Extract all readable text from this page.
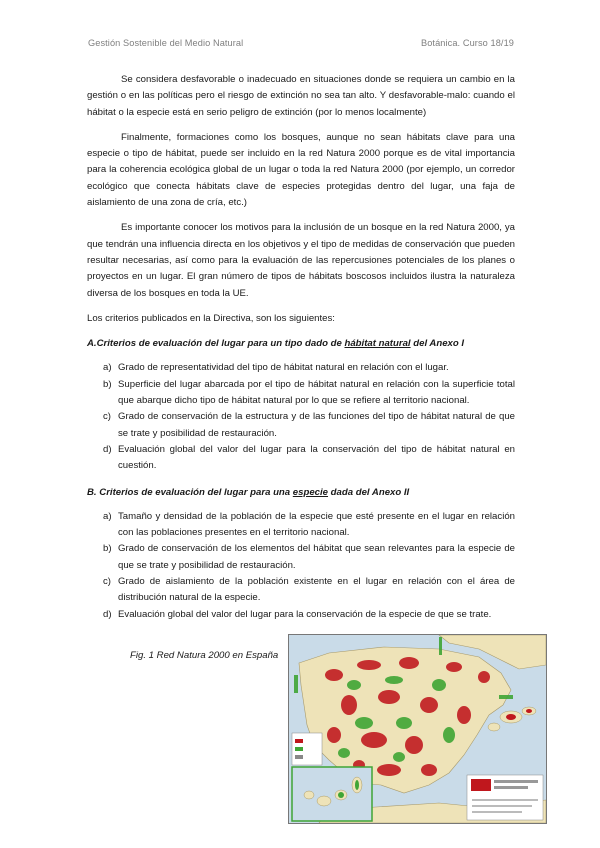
Gestión Sostenible del Medio Natural	Botánica. Curso 18/19

Se considera desfavorable o inadecuado en situaciones donde se requiera un cambio en la gestión o en las políticas pero el riesgo de extinción no sea tan alto. Y desfavorable-malo: cuando el hábitat o la especie está en serio peligro de extinción (por lo menos localmente)

Finalmente, formaciones como los bosques, aunque no sean hábitats clave para una especie o tipo de hábitat, puede ser incluido en la red Natura 2000 porque es de vital importancia para la coherencia ecológica global de un lugar o toda la red Natura 2000 (por ejemplo, un corredor ecológico que conecta hábitats clave de especies protegidas dentro del lugar, una faja de aislamiento de una zona de cría, etc.)

Es importante conocer los motivos para la inclusión de un bosque en la red Natura 2000, ya que tendrán una influencia directa en los objetivos y el tipo de medidas de conservación que pueden resultar necesarias, así como para la evaluación de las repercusiones potenciales de los planes o proyectos en un lugar. El gran número de tipos de hábitats boscosos incluidos ilustra la naturaleza diversa de los bosques en toda la UE.

Los criterios publicados en la Directiva, son los siguientes:

A.Criterios de evaluación del lugar para un tipo dado de hábitat natural del Anexo I
a) Grado de representatividad del tipo de hábitat natural en relación con el lugar.
b) Superficie del lugar abarcada por el tipo de hábitat natural en relación con la superficie total que abarque dicho tipo de hábitat natural por lo que se refiere al territorio nacional.
c) Grado de conservación de la estructura y de las funciones del tipo de hábitat natural de que se trate y posibilidad de restauración.
d) Evaluación global del valor del lugar para la conservación del tipo de hábitat natural en cuestión.
B. Criterios de evaluación del lugar para una especie dada del Anexo II
a) Tamaño y densidad de la población de la especie que esté presente en el lugar en relación con las poblaciones presentes en el territorio nacional.
b) Grado de conservación de los elementos del hábitat que sean relevantes para la especie de que se trate y posibilidad de restauración.
c) Grado de aislamiento de la población existente en el lugar en relación con el área de distribución natural de la especie.
d) Evaluación global del valor del lugar para la conservación de la especie de que se trate.
Fig. 1 Red Natura 2000 en España
